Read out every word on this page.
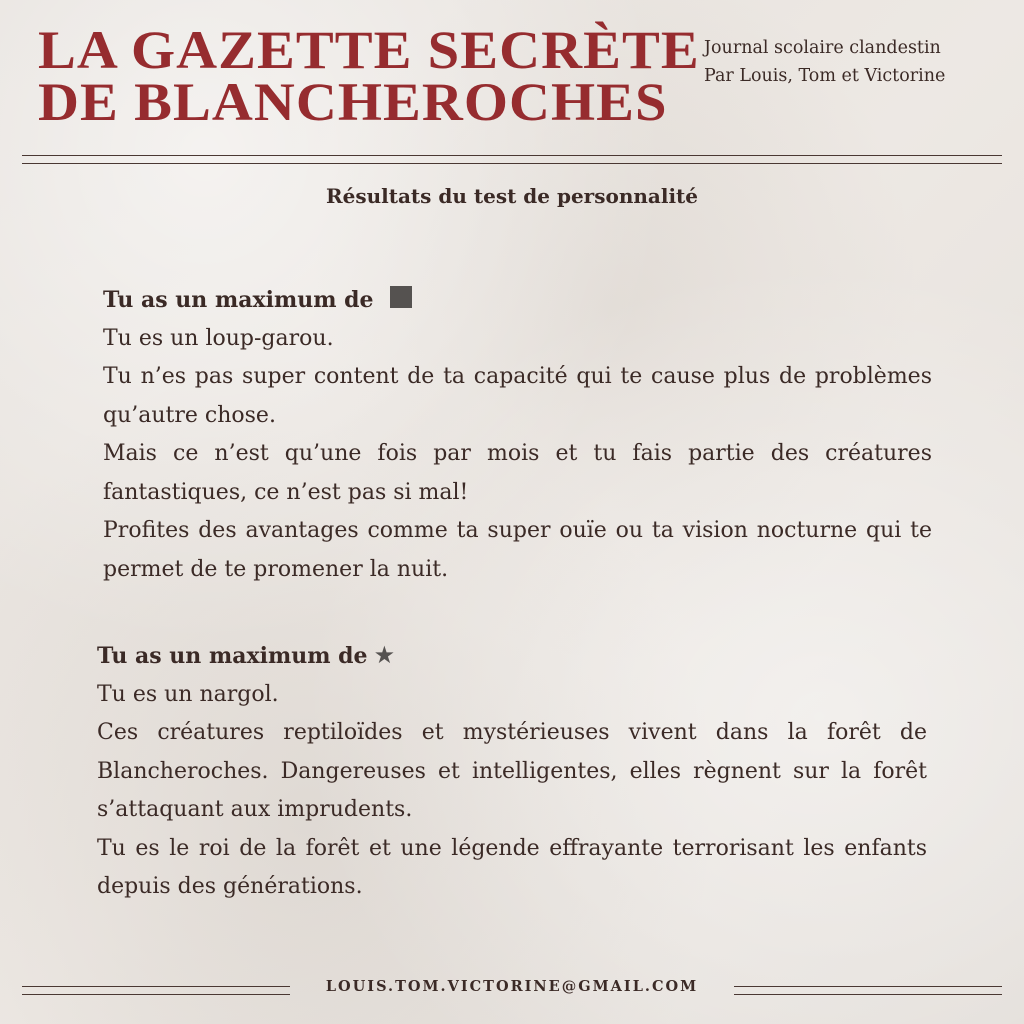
LA GAZETTE SECRÈTE
DE BLANCHEROCHES
Journal scolaire clandestin
Par Louis, Tom et Victorine
Résultats du test de personnalité
Tu as un maximum de

Tu es un loup-garou.

Tu n’es pas super content de ta capacité qui te cause plus de problèmes qu’autre chose.

Mais ce n’est qu’une fois par mois et tu fais partie des créatures fantastiques, ce n’est pas si mal!

Profites des avantages comme ta super ouïe ou ta vision nocturne qui te permet de te promener la nuit.

Tu as un maximum de ★

Tu es un nargol.

Ces créatures reptiloïdes et mystérieuses vivent dans la forêt de Blancheroches. Dangereuses et intelligentes, elles règnent sur la forêt s’attaquant aux imprudents.

Tu es le roi de la forêt et une légende effrayante terrorisant les enfants depuis des générations.

LOUIS.TOM.VICTORINE@GMAIL.COM
